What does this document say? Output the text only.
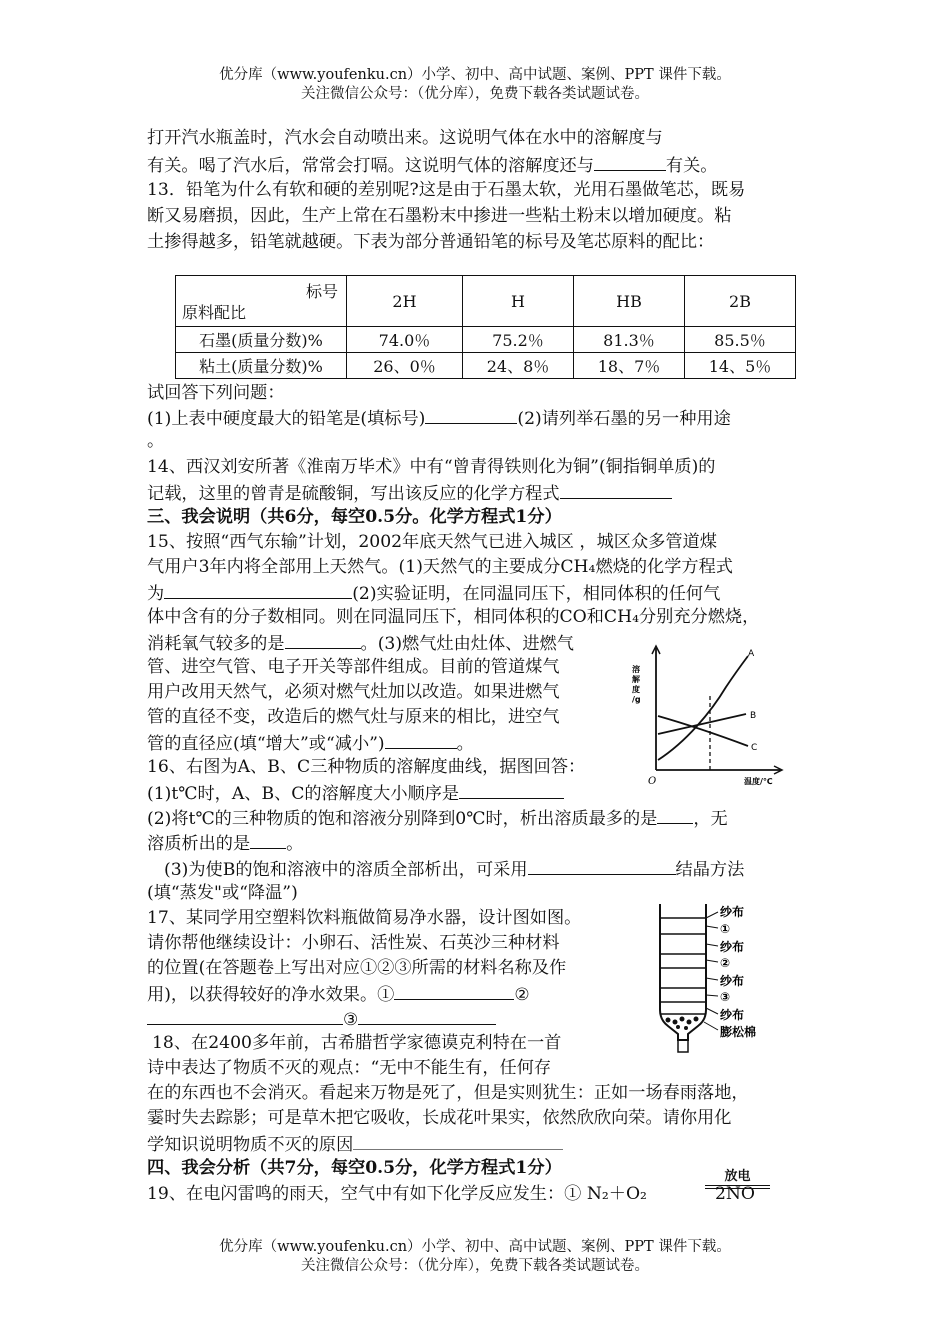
优分库（www.youfenku.cn）小学、初中、高中试题、案例、PPT 课件下载。
关注微信公众号：（优分库），免费下载各类试题试卷。
打开汽水瓶盖时，汽水会自动喷出来。这说明气体在水中的溶解度与
有关。喝了汽水后，常常会打嗝。这说明气体的溶解度还与	有关。
13．铅笔为什么有软和硬的差别呢?这是由于石墨太软，光用石墨做笔芯，既易
断又易磨损，因此，生产上常在石墨粉末中掺进一些粘土粉末以增加硬度。粘
土掺得越多，铅笔就越硬。下表为部分普通铅笔的标号及笔芯原料的配比：
标号
原料配比	2H	H	HB	2B
石墨(质量分数)%	74.0％	75.2％	81.3％	85.5％
粘土(质量分数)%	26、0％	24、8％	18、7％	14、5％
试回答下列问题：
(1)上表中硬度最大的铅笔是(填标号)	(2)请列举石墨的另一种用途
。
14、西汉刘安所著《淮南万毕术》中有“曾青得铁则化为铜”(铜指铜单质)的
记载，这里的曾青是硫酸铜，写出该反应的化学方程式
三、我会说明（共6分，每空0.5分。化学方程式1分）
15、按照“西气东输”计划，2002年底天然气已进入城区 ，城区众多管道煤
气用户3年内将全部用上天然气。(1)天然气的主要成分CH₄燃烧的化学方程式
为	(2)实验证明，在同温同压下，相同体积的任何气
体中含有的分子数相同。则在同温同压下，相同体积的CO和CH₄分别充分燃烧，
消耗氧气较多的是	。(3)燃气灶由灶体、进燃气
管、进空气管、电子开关等部件组成。目前的管道煤气
用户改用天然气，必须对燃气灶加以改造。如果进燃气
管的直径不变，改造后的燃气灶与原来的相比，进空气
管的直径应(填“增大”或“减小”)	。
A
B
C
溶
解
度
/g
O	温度/℃
16、右图为A、B、C三种物质的溶解度曲线，据图回答：
(1)t℃时，A、B、C的溶解度大小顺序是
(2)将t℃的三种物质的饱和溶液分别降到0℃时，析出溶质最多的是 ，无
溶质析出的是 。
(3)为使B的饱和溶液中的溶质全部析出，可采用	结晶方法
(填“蒸发"或“降温”)
纱布
①
纱布
②
纱布
③
纱布
膨松棉
17、某同学用空塑料饮料瓶做简易净水器，设计图如图。
请你帮他继续设计：小卵石、活性炭、石英沙三种材料
的位置(在答题卷上写出对应①②③所需的材料名称及作
用)，以获得较好的净水效果。①	②
③
18、在2400多年前，古希腊哲学家德谟克利特在一首
诗中表达了物质不灭的观点：“无中不能生有，任何存
在的东西也不会消灭。看起来万物是死了，但是实则犹生：正如一场春雨落地，
霎时失去踪影；可是草木把它吸收，长成花叶果实，依然欣欣向荣。请你用化
学知识说明物质不灭的原因
四、我会分析（共7分，每空0.5分，化学方程式1分）
19、在电闪雷鸣的雨天，空气中有如下化学反应发生：① N₂＋O₂	2NO
放电
优分库（www.youfenku.cn）小学、初中、高中试题、案例、PPT 课件下载。
关注微信公众号：（优分库），免费下载各类试题试卷。
